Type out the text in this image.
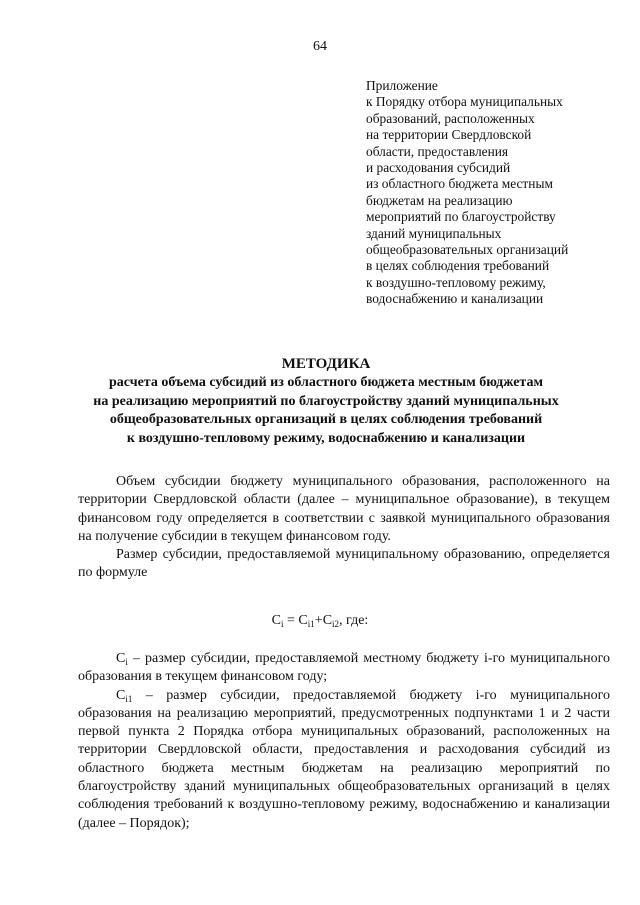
64
Приложение
к Порядку отбора муниципальных
образований, расположенных
на территории Свердловской
области, предоставления
и расходования субсидий
из областного бюджета местным
бюджетам на реализацию
мероприятий по благоустройству
зданий муниципальных
общеобразовательных организаций
в целях соблюдения требований
к воздушно-тепловому режиму,
водоснабжению и канализации
МЕТОДИКА
расчета объема субсидий из областного бюджета местным бюджетам
на реализацию мероприятий по благоустройству зданий муниципальных
общеобразовательных организаций в целях соблюдения требований
к воздушно-тепловому режиму, водоснабжению и канализации

Объем субсидии бюджету муниципального образования, расположенного на территории Свердловской области (далее – муниципальное образование), в текущем финансовом году определяется в соответствии с заявкой муниципального образования на получение субсидии в текущем финансовом году.

Размер субсидии, предоставляемой муниципальному образованию, определяется по формуле

$C_i = C_{i1}+C_{i2}$, где:

$C_i$ – размер субсидии, предоставляемой местному бюджету i-го муниципального образования в текущем финансовом году;

$C_{i1}$ – размер субсидии, предоставляемой бюджету i-го муниципального образования на реализацию мероприятий, предусмотренных подпунктами 1 и 2 части первой пункта 2 Порядка отбора муниципальных образований, расположенных на территории Свердловской области, предоставления и расходования субсидий из областного бюджета местным бюджетам на реализацию мероприятий по благоустройству зданий муниципальных общеобразовательных организаций в целях соблюдения требований к воздушно-тепловому режиму, водоснабжению и канализации (далее – Порядок);
